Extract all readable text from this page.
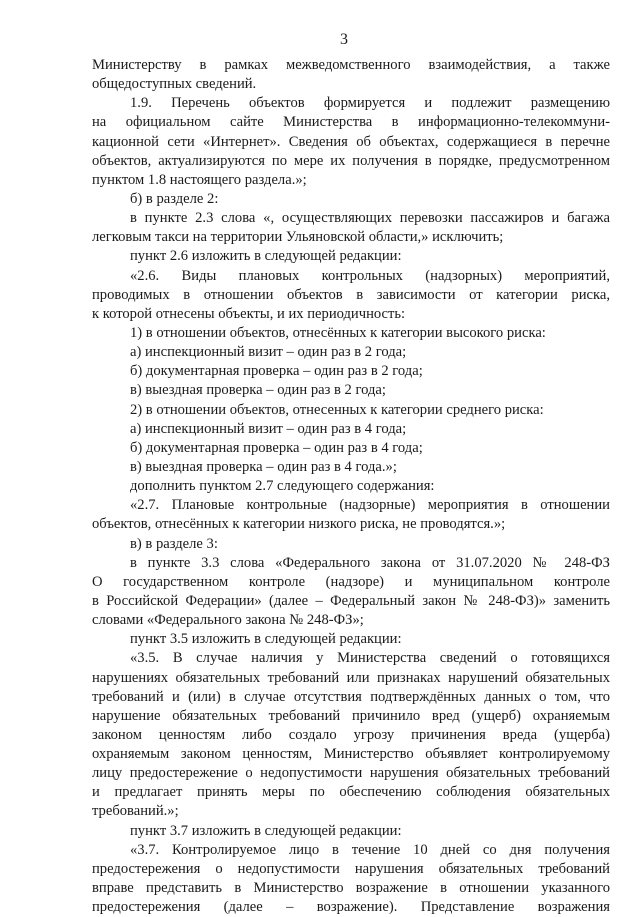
3
Министерству в рамках межведомственного взаимодействия, а также
общедоступных сведений.
1.9. Перечень объектов формируется и подлежит размещению
на официальном сайте Министерства в информационно-телекоммуни-
кационной сети «Интернет». Сведения об объектах, содержащиеся в перечне
объектов, актуализируются по мере их получения в порядке, предусмотренном
пунктом 1.8 настоящего раздела.»;
б) в разделе 2:
в пункте 2.3 слова «, осуществляющих перевозки пассажиров и багажа
легковым такси на территории Ульяновской области,» исключить;
пункт 2.6 изложить в следующей редакции:
«2.6. Виды плановых контрольных (надзорных) мероприятий,
проводимых в отношении объектов в зависимости от категории риска,
к которой отнесены объекты, и их периодичность:
1) в отношении объектов, отнесённых к категории высокого риска:
а) инспекционный визит – один раз в 2 года;
б) документарная проверка – один раз в 2 года;
в) выездная проверка – один раз в 2 года;
2) в отношении объектов, отнесенных к категории среднего риска:
а) инспекционный визит – один раз в 4 года;
б) документарная проверка – один раз в 4 года;
в) выездная проверка – один раз в 4 года.»;
дополнить пунктом 2.7 следующего содержания:
«2.7. Плановые контрольные (надзорные) мероприятия в отношении
объектов, отнесённых к категории низкого риска, не проводятся.»;
в) в разделе 3:
в пункте 3.3 слова «Федерального закона от 31.07.2020 № 248-ФЗ
О государственном контроле (надзоре) и муниципальном контроле
в Российской Федерации» (далее – Федеральный закон № 248-ФЗ)» заменить
словами «Федерального закона № 248-ФЗ»;
пункт 3.5 изложить в следующей редакции:
«3.5. В случае наличия у Министерства сведений о готовящихся
нарушениях обязательных требований или признаках нарушений обязательных
требований и (или) в случае отсутствия подтверждённых данных о том, что
нарушение обязательных требований причинило вред (ущерб) охраняемым
законом ценностям либо создало угрозу причинения вреда (ущерба)
охраняемым законом ценностям, Министерство объявляет контролируемому
лицу предостережение о недопустимости нарушения обязательных требований
и предлагает принять меры по обеспечению соблюдения обязательных
требований.»;
пункт 3.7 изложить в следующей редакции:
«3.7. Контролируемое лицо в течение 10 дней со дня получения
предостережения о недопустимости нарушения обязательных требований
вправе представить в Министерство возражение в отношении указанного
предостережения (далее – возражение). Представление возражения
